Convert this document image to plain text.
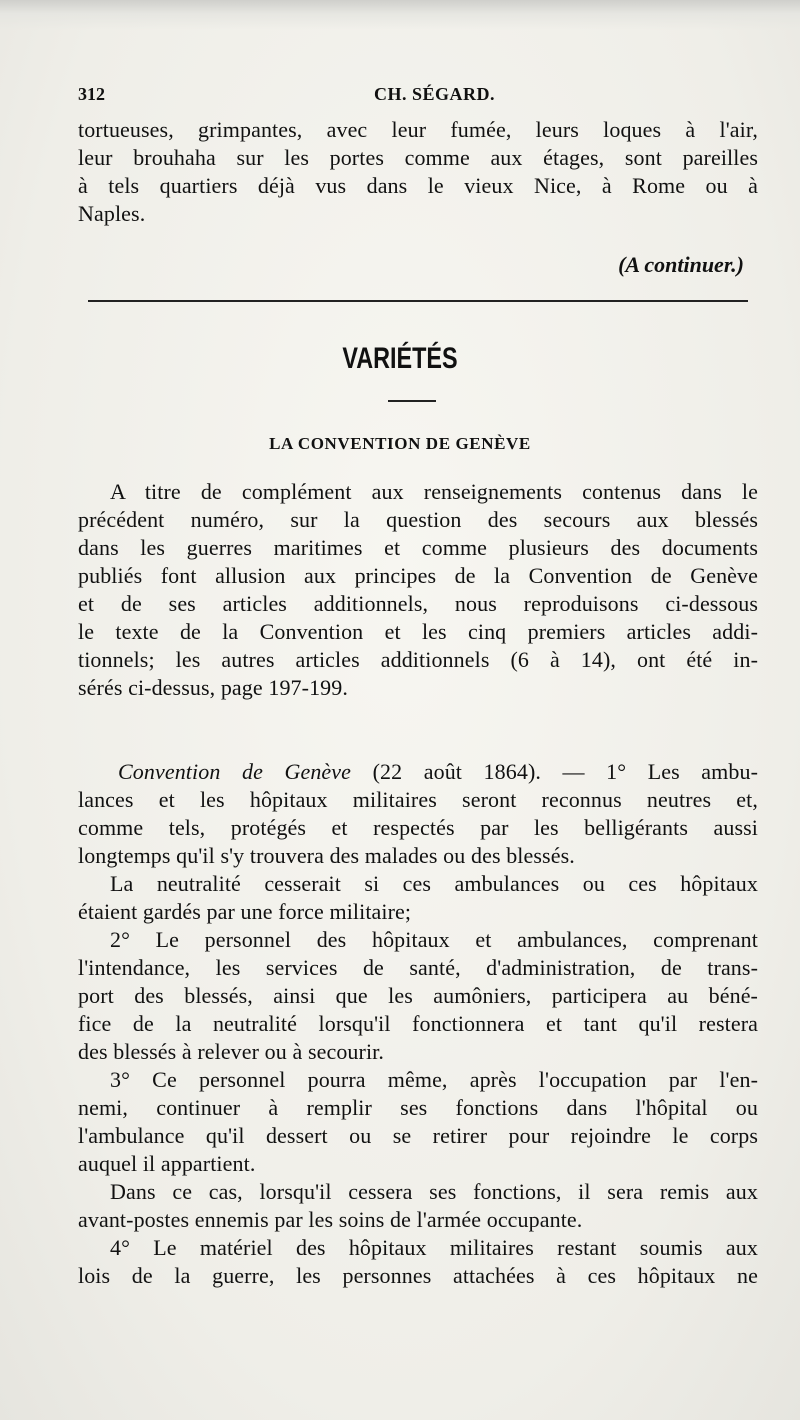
312	CH. SÉGARD.
tortueuses, grimpantes, avec leur fumée, leurs loques à l'air,
leur brouhaha sur les portes comme aux étages, sont pareilles
à tels quartiers déjà vus dans le vieux Nice, à Rome ou à
Naples.
(A continuer.)
VARIÉTÉS
LA CONVENTION DE GENÈVE
A titre de complément aux renseignements contenus dans le
précédent numéro, sur la question des secours aux blessés
dans les guerres maritimes et comme plusieurs des documents
publiés font allusion aux principes de la Convention de Genève
et de ses articles additionnels, nous reproduisons ci-dessous
le texte de la Convention et les cinq premiers articles addi-
tionnels; les autres articles additionnels (6 à 14), ont été in-
sérés ci-dessus, page 197-199.
Convention de Genève (22 août 1864). — 1° Les ambu-
lances et les hôpitaux militaires seront reconnus neutres et,
comme tels, protégés et respectés par les belligérants aussi
longtemps qu'il s'y trouvera des malades ou des blessés.
La neutralité cesserait si ces ambulances ou ces hôpitaux
étaient gardés par une force militaire;
2° Le personnel des hôpitaux et ambulances, comprenant
l'intendance, les services de santé, d'administration, de trans-
port des blessés, ainsi que les aumôniers, participera au béné-
fice de la neutralité lorsqu'il fonctionnera et tant qu'il restera
des blessés à relever ou à secourir.
3° Ce personnel pourra même, après l'occupation par l'en-
nemi, continuer à remplir ses fonctions dans l'hôpital ou
l'ambulance qu'il dessert ou se retirer pour rejoindre le corps
auquel il appartient.
Dans ce cas, lorsqu'il cessera ses fonctions, il sera remis aux
avant-postes ennemis par les soins de l'armée occupante.
4° Le matériel des hôpitaux militaires restant soumis aux
lois de la guerre, les personnes attachées à ces hôpitaux ne
